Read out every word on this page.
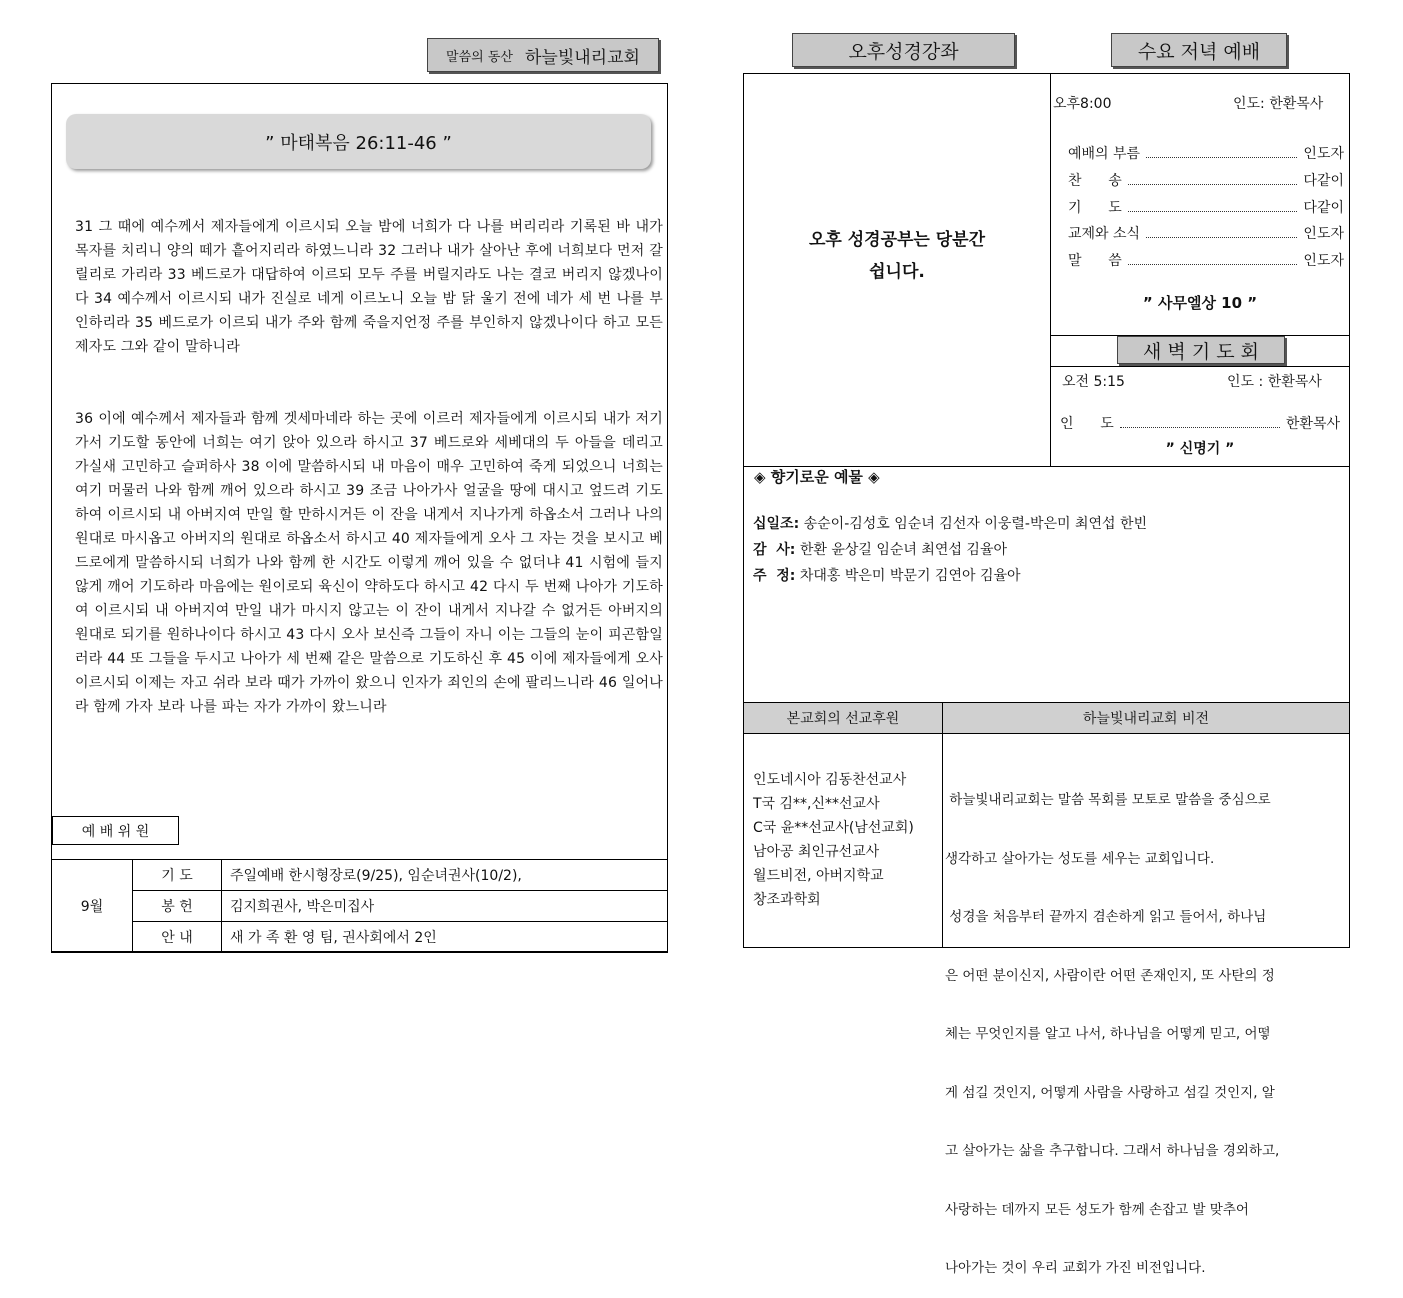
말씀의 동산 하늘빛내리교회
” 마태복음 26:11-46 ”
31 그 때에 예수께서 제자들에게 이르시되 오늘 밤에 너희가 다 나를 버리리라 기록된 바 내가 목자를 치리니 양의 떼가 흩어지리라 하였느니라 32 그러나 내가 살아난 후에 너희보다 먼저 갈릴리로 가리라 33 베드로가 대답하여 이르되 모두 주를 버릴지라도 나는 결코 버리지 않겠나이다 34 예수께서 이르시되 내가 진실로 네게 이르노니 오늘 밤 닭 울기 전에 네가 세 번 나를 부인하리라 35 베드로가 이르되 내가 주와 함께 죽을지언정 주를 부인하지 않겠나이다 하고 모든 제자도 그와 같이 말하니라
36 이에 예수께서 제자들과 함께 겟세마네라 하는 곳에 이르러 제자들에게 이르시되 내가 저기 가서 기도할 동안에 너희는 여기 앉아 있으라 하시고 37 베드로와 세베대의 두 아들을 데리고 가실새 고민하고 슬퍼하사 38 이에 말씀하시되 내 마음이 매우 고민하여 죽게 되었으니 너희는 여기 머물러 나와 함께 깨어 있으라 하시고 39 조금 나아가사 얼굴을 땅에 대시고 엎드려 기도하여 이르시되 내 아버지여 만일 할 만하시거든 이 잔을 내게서 지나가게 하옵소서 그러나 나의 원대로 마시옵고 아버지의 원대로 하옵소서 하시고 40 제자들에게 오사 그 자는 것을 보시고 베드로에게 말씀하시되 너희가 나와 함께 한 시간도 이렇게 깨어 있을 수 없더냐 41 시험에 들지 않게 깨어 기도하라 마음에는 원이로되 육신이 약하도다 하시고 42 다시 두 번째 나아가 기도하여 이르시되 내 아버지여 만일 내가 마시지 않고는 이 잔이 내게서 지나갈 수 없거든 아버지의 원대로 되기를 원하나이다 하시고 43 다시 오사 보신즉 그들이 자니 이는 그들의 눈이 피곤함일러라 44 또 그들을 두시고 나아가 세 번째 같은 말씀으로 기도하신 후 45 이에 제자들에게 오사 이르시되 이제는 자고 쉬라 보라 때가 가까이 왔으니 인자가 죄인의 손에 팔리느니라 46 일어나라 함께 가자 보라 나를 파는 자가 가까이 왔느니라
예 배 위 원
9월	기 도	주일예배 한시형장로(9/25), 임순녀권사(10/2),
	봉 헌	김지희권사, 박은미집사
	안 내	새 가 족 환 영 팀, 권사회에서 2인
오후성경강좌	수요 저녁 예배
오후 성경공부는 당분간
쉽니다.
오후8:00	인도: 한환목사
예배의 부름	인도자
찬      송	다같이
기      도	다같이
교제와 소식	인도자
말      씀	인도자
” 사무엘상 10 ”
새 벽 기 도 회
오전 5:15	인도 : 한환목사
인      도	한환목사
” 신명기 ”
◈ 향기로운 예물 ◈
십일조: 송순이-김성호 임순녀 김선자 이웅렬-박은미 최연섭 한빈
감  사: 한환 윤상길 임순녀 최연섭 김율아
주  정: 차대홍 박은미 박문기 김연아 김율아
본교회의 선교후원	하늘빛내리교회 비전
인도네시아 김동찬선교사
T국 김**,신**선교사
C국 윤**선교사(남선교회)
남아공 최인규선교사
월드비전, 아버지학교
창조과학회

하늘빛내리교회는 말씀 목회를 모토로 말씀을 중심으로

생각하고 살아가는 성도를 세우는 교회입니다.

성경을 처음부터 끝까지 겸손하게 읽고 들어서, 하나님

은 어떤 분이신지, 사람이란 어떤 존재인지, 또 사탄의 정

체는 무엇인지를 알고 나서, 하나님을 어떻게 믿고, 어떻

게 섬길 것인지, 어떻게 사람을 사랑하고 섬길 것인지, 알

고 살아가는 삶을 추구합니다. 그래서 하나님을 경외하고,

사랑하는 데까지 모든 성도가 함께 손잡고 발 맞추어

나아가는 것이 우리 교회가 가진 비전입니다.
